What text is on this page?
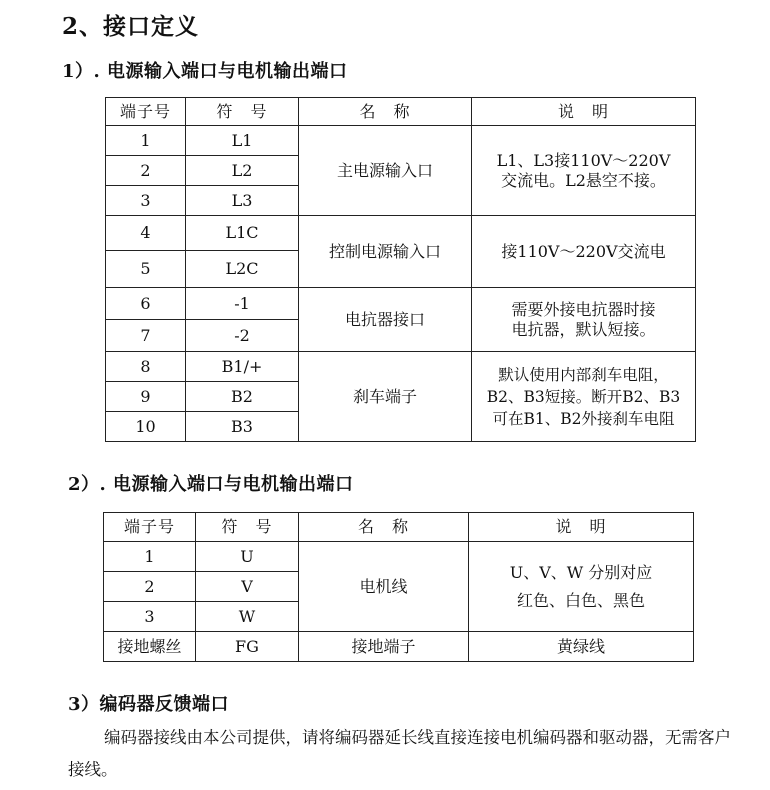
2、接口定义
1）. 电源输入端口与电机输出端口
端子号	符　号	名　称	说　明
1	L1	主电源输入口	L1、L3接110V～220V
交流电。L2悬空不接。

2	L2		
3	L3		
4	L1C	控制电源输入口	接110V～220V交流电

5	L2C		
6	-1	电抗器接口	需要外接电抗器时接
电抗器，默认短接。

7	-2		
8	B1/+	刹车端子	默认使用内部刹车电阻，
B2、B3短接。断开B2、B3
可在B1、B2外接刹车电阻

9	B2		
10	B3		
2）. 电源输入端口与电机输出端口
端子号	符　号	名　称	说　明
1	U	电机线	U、V、W 分别对应
红色、白色、黑色

2	V		
3	W		
接地螺丝	FG	接地端子	黄绿线
3）编码器反馈端口
编码器接线由本公司提供，请将编码器延长线直接连接电机编码器和驱动器，无需客户接线。
